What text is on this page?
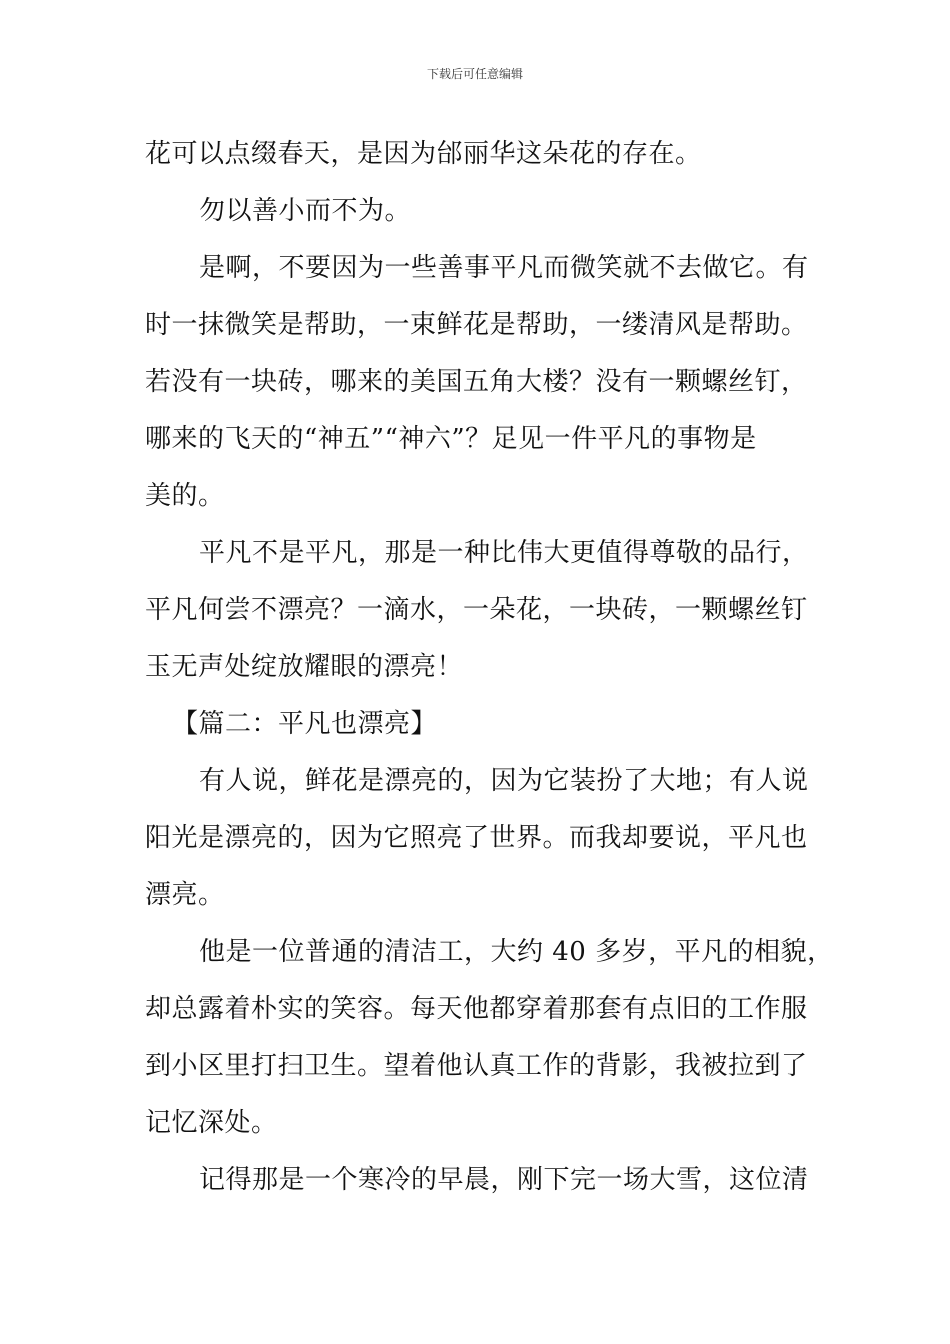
下载后可任意编辑

花可以点缀春天，是因为邰丽华这朵花的存在。

勿以善小而不为。

是啊，不要因为一些善事平凡而微笑就不去做它。有

时一抹微笑是帮助，一束鲜花是帮助，一缕清风是帮助。

若没有一块砖，哪来的美国五角大楼？没有一颗螺丝钉，

哪来的飞天的“神五”“神六”？足见一件平凡的事物是

美的。

平凡不是平凡，那是一种比伟大更值得尊敬的品行，

平凡何尝不漂亮？一滴水，一朵花，一块砖，一颗螺丝钉

玉无声处绽放耀眼的漂亮！

【篇二：平凡也漂亮】

有人说，鲜花是漂亮的，因为它装扮了大地；有人说

阳光是漂亮的，因为它照亮了世界。而我却要说，平凡也

漂亮。

他是一位普通的清洁工，大约 40 多岁，平凡的相貌，

却总露着朴实的笑容。每天他都穿着那套有点旧的工作服

到小区里打扫卫生。望着他认真工作的背影，我被拉到了

记忆深处。

记得那是一个寒冷的早晨，刚下完一场大雪，这位清
